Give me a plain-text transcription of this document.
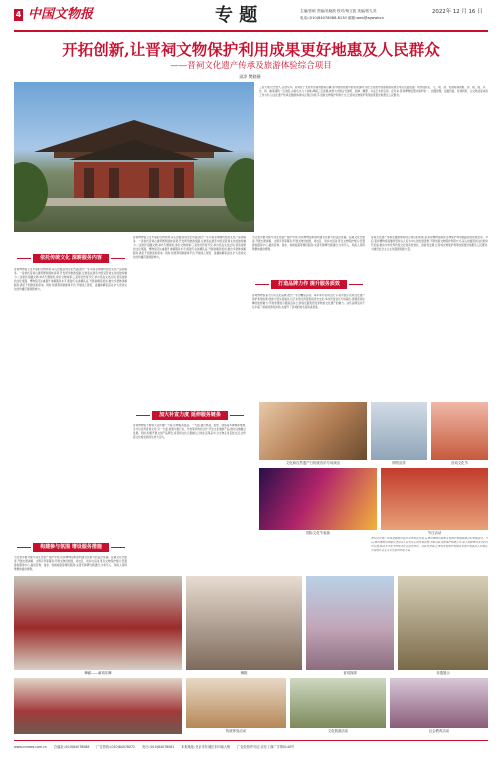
4 中国文物报	专 题	主编/张硕 责编/吴晓波 校对/杨文凯 美编/张九英
电话:(010)84078088-8130 邮箱:web@zgwwbcn
2022年 12 月 16 日
开拓创新,让晋祠文物保护利用成果更好地惠及人民群众
——晋祠文化遗产传承及旅游体验综合项目
邱淳 樊晓静
三晋大地,历史悠久,古迹众多。晋祠位于太原市西南郊悬瓮山麓,是中国现存最早的皇家园林,为纪念晋国开国诸侯唐叔虞及母后邑姜而建。祠内现存宋、元、明、清、民国时期的殿、堂、楼、阁、亭、台、桥、榭等建筑一百余座,古树名木九十余株,碑碣三百余通,被誉为中国古代建筑、园林、雕塑、书法艺术的宝库。近年来,晋祠博物馆坚持保护第一、加强管理、挖掘价值、有效利用、让文物活起来的工作方针,以文化遗产传承及旅游体验综合项目为抓手,创新文物保护利用方式,让晋祠文物保护利用成果更好地惠及人民群众。
依托传统文化 深耕服务内容
晋祠博物馆立足丰富的文物资源,深入挖掘晋祠文化内涵,推出一系列具有地域特色的文化产品和服务。一是依托晋祠古建筑群和园林景观,开发研学旅游线路,让游客在游览中感受晋祠文化的独特魅力;二是依托馆藏文物,举办专题展览,讲好文物故事;三是依托传统节庆,举办民俗文化活动,营造浓厚的文化氛围。博物馆还注重提升讲解服务水平,组建专业讲解队伍,开展讲解员培训,推出多语种讲解服务,满足不同游客的需求。同时,积极利用新媒体平台,开展线上展览、直播讲解等活动,扩大晋祠文化的传播范围和影响力。
构建参与氛围 增设服务措施
为让更多群众参与到文化遗产保护中来,晋祠博物馆积极构建全民参与的良好氛围。招募文化志愿者,开展志愿讲解、文明引导等服务;开展文物进校园、进社区、进乡村活动,普及文物保护知识;设置游客服务中心,提供咨询、寄存、轮椅租借等便民服务;完善无障碍设施建设,为老年人、残疾人等特殊群体提供便利。
晋祠博物馆立足丰富的文物资源,深入挖掘晋祠文化内涵,推出一系列具有地域特色的文化产品和服务。一是依托晋祠古建筑群和园林景观,开发研学旅游线路,让游客在游览中感受晋祠文化的独特魅力;二是依托馆藏文物,举办专题展览,讲好文物故事;三是依托传统节庆,举办民俗文化活动,营造浓厚的文化氛围。博物馆还注重提升讲解服务水平,组建专业讲解队伍,开展讲解员培训,推出多语种讲解服务,满足不同游客的需求。同时,积极利用新媒体平台,开展线上展览、直播讲解等活动,扩大晋祠文化的传播范围和影响力。
加大补宣力度 延伸服务链条
晋祠博物馆不断加大宣传推广力度,延伸服务链条。一方面,通过电视、报纸、网络等多种媒体渠道,全方位宣传晋祠文化;另一方面,加强与旅行社、学校等机构的合作,开发文化旅游产品,推动文旅融合发展。同时,积极开展文创产品研发,将晋祠文化元素融入日常生活用品中,让文物走进百姓生活,让传统文化焕发新的生机与活力。
为让更多群众参与到文化遗产保护中来,晋祠博物馆积极构建全民参与的良好氛围。招募文化志愿者,开展志愿讲解、文明引导等服务;开展文物进校园、进社区、进乡村活动,普及文物保护知识;设置游客服务中心,提供咨询、寄存、轮椅租借等便民服务;完善无障碍设施建设,为老年人、残疾人等特殊群体提供便利。
打造品牌力作 提升服务质效
晋祠博物馆着力打造文化品牌,推出一系列精品活动。每年举办晋祠文化节,集中展示晋祠文化遗产保护利用成果;创排大型实景演出,以艺术形式再现晋祠历史文化;举办传统音乐专场演出,展现晋祠乐舞的独特魅力;开展非遗展示展演活动,让游客近距离感受非物质文化遗产的魅力。这些品牌活动不仅丰富了游客的游览体验,也提升了晋祠的知名度和美誉度。
晋祠文化遗产传承及旅游体验综合项目的实施,是晋祠博物馆探索文物保护利用新路径的积极尝试。今后,晋祠博物馆将继续坚持以人民为中心的发展思想,不断创新文物保护利用方式,深入挖掘晋祠文化的时代价值,推动中华优秀传统文化创造性转化、创新性发展,让晋祠文物保护利用成果更好地惠及人民群众,为建设社会主义文化强国贡献力量。
文化和自然遗产日传统音乐专场演出	网络宣传	晋祠文化节
国际文化节表演	节日活动
晋祠文化遗产传承及旅游体验综合项目的实施,是晋祠博物馆探索文物保护利用新路径的积极尝试。今后,晋祠博物馆将继续坚持以人民为中心的发展思想,不断创新文物保护利用方式,深入挖掘晋祠文化的时代价值,推动中华优秀传统文化创造性转化、创新性发展,让晋祠文物保护利用成果更好地惠及人民群众,为建设社会主义文化强国贡献力量。
舞蹈——童祠乐舞	舞剧	晋祠探源	非遗展示
传统体验活动	文化旅游活动	社会教育活动
www.ccnews.com.cn 总编室:(010)84078088 广告热线:(010)84078072 发行:(010)84078081 本报地址:北京市东城区东四南大街 广告经营许可证:京东工商广字第0140号
